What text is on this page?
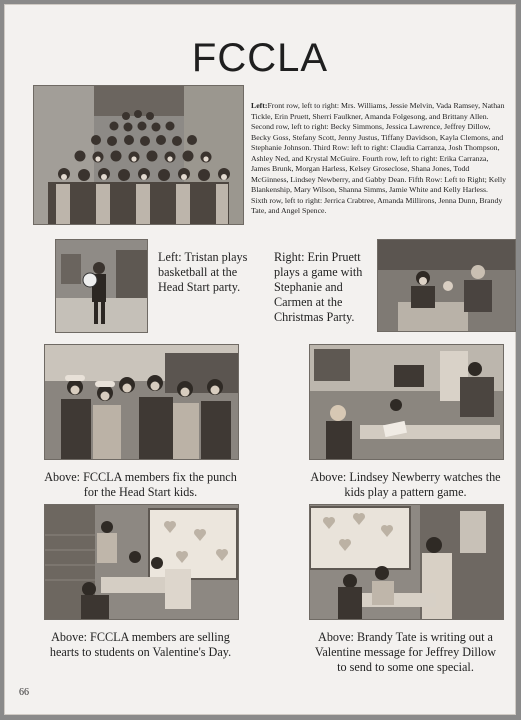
FCCLA
Left:Front row, left to right: Mrs. Williams, Jessie Melvin, Vada Ramsey, Nathan Tickle, Erin Pruett, Sherri Faulkner, Amanda Folgesong, and Brittany Allen. Second row, left to right: Becky Simmons, Jessica Lawrence, Jeffrey Dillow, Becky Goss, Stefany Scott, Jenny Justus, Tiffany Davidson, Kayla Clemons, and Stephanie Johnson. Third Row: left to right: Claudia Carranza, Josh Thompson, Ashley Ned, and Krystal McGuire. Fourth row, left to right: Erika Carranza, James Brunk, Morgan Harless, Kelsey Groseclose, Shana Jones, Todd McGinness, Lindsey Newberry, and Gabby Dean. Fifth Row: Left to Right; Kelly Blankenship, Mary Wilson, Shanna Simms, Jamie White and Kelly Harless. Sixth row, left to right: Jerrica Crabtree, Amanda Millirons, Jenna Dunn, Brandy Tate, and Angel Spence.
Left: Tristan plays basketball at the Head Start party.
Right: Erin Pruett plays a game with Stephanie and Carmen at the Christmas Party.
Above: FCCLA members fix the punch for the Head Start kids.
Above: Lindsey Newberry watches the kids play a pattern game.
Above: FCCLA members are selling hearts to students on Valentine's Day.
Above: Brandy Tate is writing out a Valentine message for Jeffrey Dillow to send to some one special.
66
